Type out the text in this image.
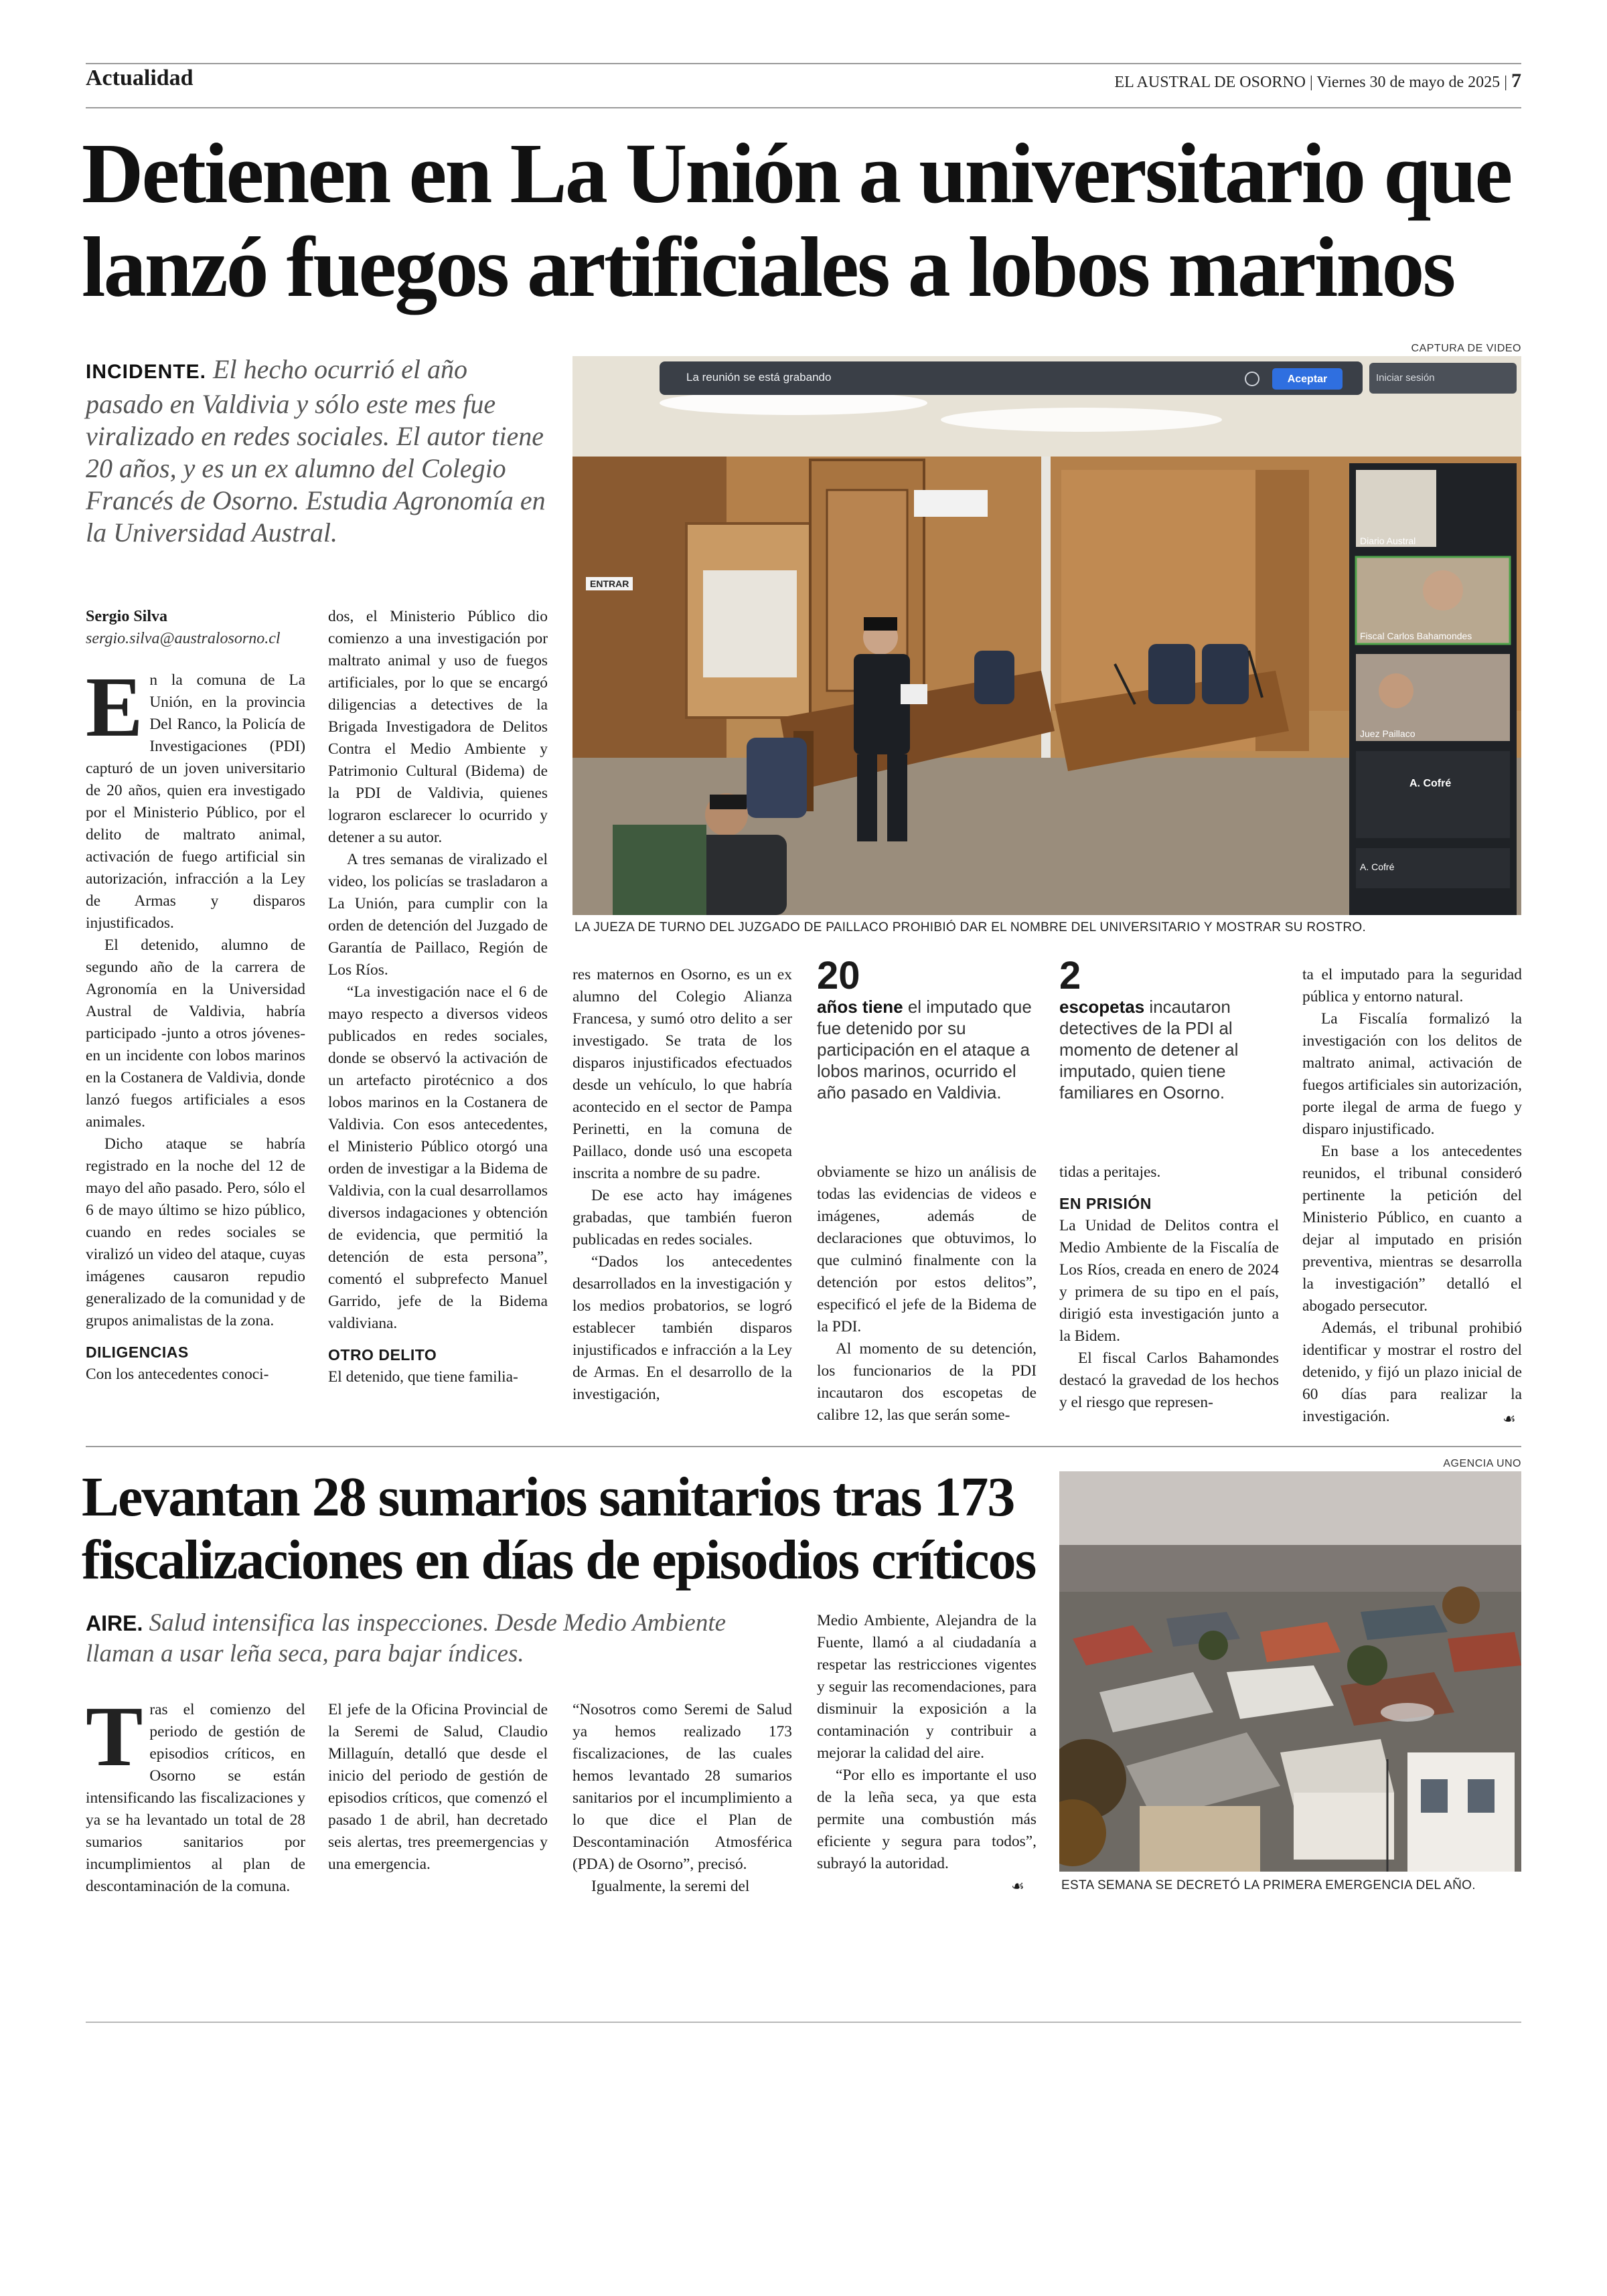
Actualidad	EL AUSTRAL DE OSORNO | Viernes 30 de mayo de 2025 | 7
Detienen en La Unión a universitario que
lanzó fuegos artificiales a lobos marinos
INCIDENTE. El hecho ocurrió el año pasado en Valdivia y sólo este mes fue viralizado en redes sociales. El autor tiene 20 años, y es un ex alumno del Colegio Francés de Osorno. Estudia Agronomía en la Universidad Austral.
Sergio Silva
sergio.silva@australosorno.cl
CAPTURA DE VIDEO
La reunión se está grabando	Aceptar	Iniciar sesión
ENTRAR
Diario Austral
Fiscal Carlos Bahamondes
Juez Paillaco
A. Cofré
A. Cofré
LA JUEZA DE TURNO DEL JUZGADO DE PAILLACO PROHIBIÓ DAR EL NOMBRE DEL UNIVERSITARIO Y MOSTRAR SU ROSTRO.
E n la comuna de La Unión, en la provincia Del Ranco, la Policía de Investigaciones (PDI) capturó de un joven universitario de 20 años, quien era investigado por el Ministerio Público, por el delito de maltrato animal, activación de fuego artificial sin autorización, infracción a la Ley de Armas y disparos injustificados.

El detenido, alumno de segundo año de la carrera de Agronomía en la Universidad Austral de Valdivia, habría participado -junto a otros jóvenes- en un incidente con lobos marinos en la Costanera de Valdivia, donde lanzó fuegos artificiales a esos animales.

Dicho ataque se habría registrado en la noche del 12 de mayo del año pasado. Pero, sólo el 6 de mayo último se hizo público, cuando en redes sociales se viralizó un video del ataque, cuyas imágenes causaron repudio generalizado de la comunidad y de grupos animalistas de la zona.

DILIGENCIAS

Con los antecedentes conoci-

dos, el Ministerio Público dio comienzo a una investigación por maltrato animal y uso de fuegos artificiales, por lo que se encargó diligencias a detectives de la Brigada Investigadora de Delitos Contra el Medio Ambiente y Patrimonio Cultural (Bidema) de la PDI de Valdivia, quienes lograron esclarecer lo ocurrido y detener a su autor.

A tres semanas de viralizado el video, los policías se trasladaron a La Unión, para cumplir con la orden de detención del Juzgado de Garantía de Paillaco, Región de Los Ríos.

“La investigación nace el 6 de mayo respecto a diversos videos publicados en redes sociales, donde se observó la activación de un artefacto pirotécnico a dos lobos marinos en la Costanera de Valdivia. Con esos antecedentes, el Ministerio Público otorgó una orden de investigar a la Bidema de Valdivia, con la cual desarrollamos diversos indagaciones y obtención de evidencia, que permitió la detención de esta persona”, comentó el subprefecto Manuel Garrido, jefe de la Bidema valdiviana.

OTRO DELITO

El detenido, que tiene familia-

res maternos en Osorno, es un ex alumno del Colegio Alianza Francesa, y sumó otro delito a ser investigado. Se trata de los disparos injustificados efectuados desde un vehículo, lo que habría acontecido en el sector de Pampa Perinetti, en la comuna de Paillaco, donde usó una escopeta inscrita a nombre de su padre.

De ese acto hay imágenes grabadas, que también fueron publicadas en redes sociales.

“Dados los antecedentes desarrollados en la investigación y los medios probatorios, se logró establecer también disparos injustificados e infracción a la Ley de Armas. En el desarrollo de la investigación,

20
años tiene el imputado que fue detenido por su participación en el ataque a lobos marinos, ocurrido el año pasado en Valdivia.
2
escopetas incautaron detectives de la PDI al momento de detener al imputado, quien tiene familiares en Osorno.

obviamente se hizo un análisis de todas las evidencias de videos e imágenes, además de declaraciones que obtuvimos, lo que culminó finalmente con la detención por estos delitos”, especificó el jefe de la Bidema de la PDI.

Al momento de su detención, los funcionarios de la PDI incautaron dos escopetas de calibre 12, las que serán some-

tidas a peritajes.

EN PRISIÓN

La Unidad de Delitos contra el Medio Ambiente de la Fiscalía de Los Ríos, creada en enero de 2024 y primera de su tipo en el país, dirigió esta investigación junto a la Bidem.

El fiscal Carlos Bahamondes destacó la gravedad de los hechos y el riesgo que represen-

ta el imputado para la seguridad pública y entorno natural.

La Fiscalía formalizó la investigación con los delitos de maltrato animal, activación de fuegos artificiales sin autorización, porte ilegal de arma de fuego y disparo injustificado.

En base a los antecedentes reunidos, el tribunal consideró pertinente la petición del Ministerio Público, en cuanto a dejar al imputado en prisión preventiva, mientras se desarrolla la investigación” detalló el abogado persecutor.

Además, el tribunal prohibió identificar y mostrar el rostro del detenido, y fijó un plazo inicial de 60 días para realizar la investigación.	☙
Levantan 28 sumarios sanitarios tras 173
fiscalizaciones en días de episodios críticos
AIRE. Salud intensifica las inspecciones. Desde Medio Ambiente llaman a usar leña seca, para bajar índices.
T ras el comienzo del periodo de gestión de episodios críticos, en Osorno se están intensificando las fiscalizaciones y ya se ha levantado un total de 28 sumarios sanitarios por incumplimientos al plan de descontaminación de la comuna.

El jefe de la Oficina Provincial de la Seremi de Salud, Claudio Millaguín, detalló que desde el inicio del periodo de gestión de episodios críticos, que comenzó el pasado 1 de abril, han decretado seis alertas, tres preemergencias y una emergencia.

“Nosotros como Seremi de Salud ya hemos realizado 173 fiscalizaciones, de las cuales hemos levantado 28 sumarios sanitarios por el incumplimiento a lo que dice el Plan de Descontaminación Atmosférica (PDA) de Osorno”, precisó.

Igualmente, la seremi del

Medio Ambiente, Alejandra de la Fuente, llamó a al ciudadanía a respetar las restricciones vigentes y seguir las recomendaciones, para disminuir la exposición a la contaminación y contribuir a mejorar la calidad del aire.

“Por ello es importante el uso de la leña seca, ya que esta permite una combustión más eficiente y segura para todos”, subrayó la autoridad.

☙
AGENCIA UNO
ESTA SEMANA SE DECRETÓ LA PRIMERA EMERGENCIA DEL AÑO.
